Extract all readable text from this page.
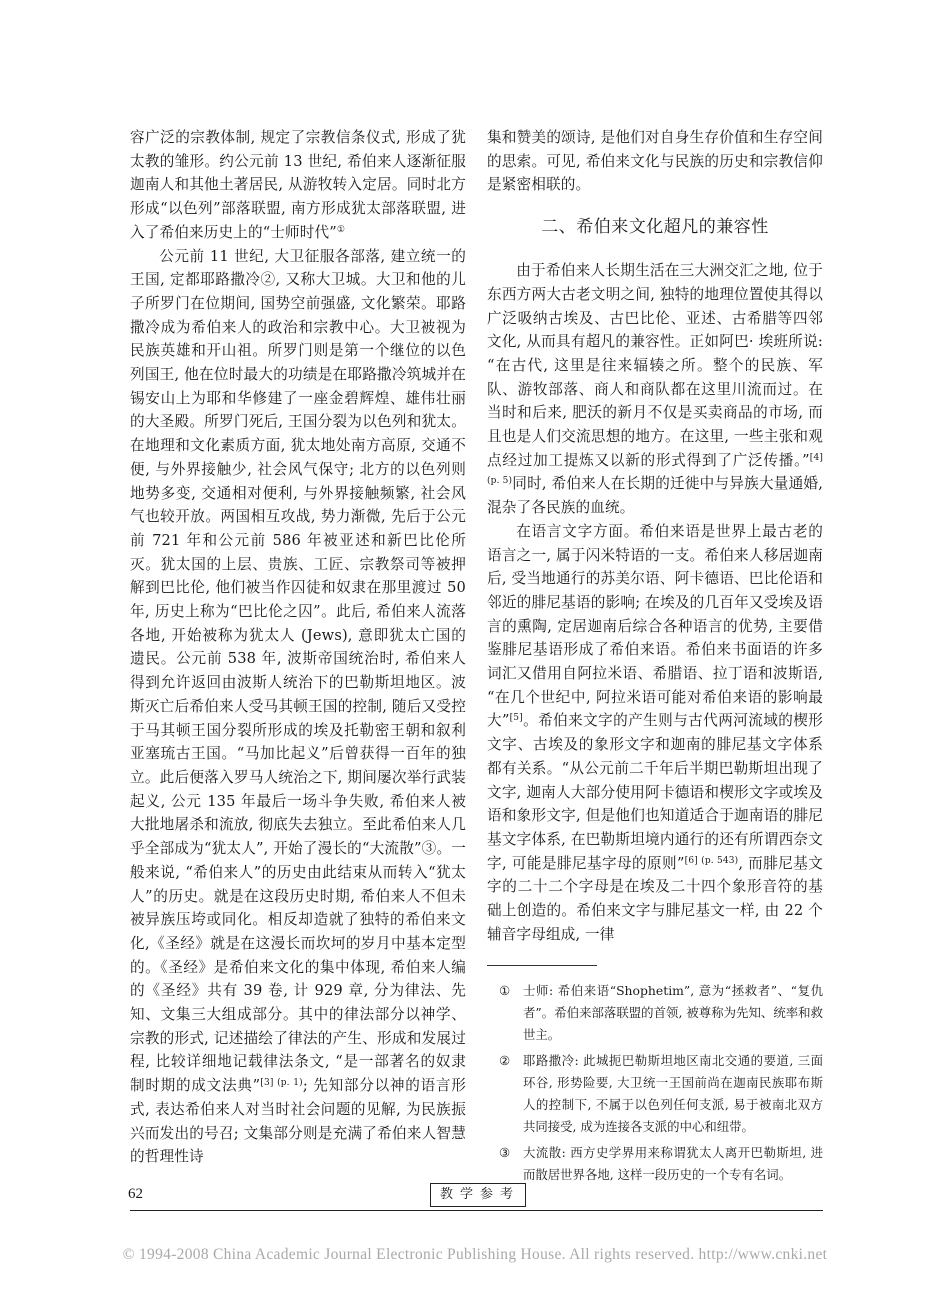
容广泛的宗教体制, 规定了宗教信条仪式, 形成了犹太教的雏形。约公元前 13 世纪, 希伯来人逐渐征服迦南人和其他土著居民, 从游牧转入定居。同时北方形成“以色列”部落联盟, 南方形成犹太部落联盟, 进入了希伯来历史上的“士师时代”①

公元前 11 世纪, 大卫征服各部落, 建立统一的王国, 定都耶路撒冷②, 又称大卫城。大卫和他的儿子所罗门在位期间, 国势空前强盛, 文化繁荣。耶路撒冷成为希伯来人的政治和宗教中心。大卫被视为民族英雄和开山祖。所罗门则是第一个继位的以色列国王, 他在位时最大的功绩是在耶路撒冷筑城并在锡安山上为耶和华修建了一座金碧辉煌、雄伟壮丽的大圣殿。所罗门死后, 王国分裂为以色列和犹太。在地理和文化素质方面, 犹太地处南方高原, 交通不便, 与外界接触少, 社会风气保守; 北方的以色列则地势多变, 交通相对便利, 与外界接触频繁, 社会风气也较开放。两国相互攻战, 势力渐微, 先后于公元前 721 年和公元前 586 年被亚述和新巴比伦所灭。犹太国的上层、贵族、工匠、宗教祭司等被押解到巴比伦, 他们被当作囚徒和奴隶在那里渡过 50 年, 历史上称为“巴比伦之囚”。此后, 希伯来人流落各地, 开始被称为犹太人 (Jews), 意即犹太亡国的遗民。公元前 538 年, 波斯帝国统治时, 希伯来人得到允许返回由波斯人统治下的巴勒斯坦地区。波斯灭亡后希伯来人受马其顿王国的控制, 随后又受控于马其顿王国分裂所形成的埃及托勒密王朝和叙利亚塞琉古王国。“马加比起义”后曾获得一百年的独立。此后便落入罗马人统治之下, 期间屡次举行武装起义, 公元 135 年最后一场斗争失败, 希伯来人被大批地屠杀和流放, 彻底失去独立。至此希伯来人几乎全部成为“犹太人”, 开始了漫长的“大流散”③。一般来说, “希伯来人”的历史由此结束从而转入“犹太人”的历史。就是在这段历史时期, 希伯来人不但未被异族压垮或同化。相反却造就了独特的希伯来文化,《圣经》就是在这漫长而坎坷的岁月中基本定型的。《圣经》是希伯来文化的集中体现, 希伯来人编的《圣经》共有 39 卷, 计 929 章, 分为律法、先知、文集三大组成部分。其中的律法部分以神学、宗教的形式, 记述描绘了律法的产生、形成和发展过程, 比较详细地记载律法条文, “是一部著名的奴隶制时期的成文法典”$^{[3] (p. 1)}$; 先知部分以神的语言形式, 表达希伯来人对当时社会问题的见解, 为民族振兴而发出的号召; 文集部分则是充满了希伯来人智慧的哲理性诗

集和赞美的颂诗, 是他们对自身生存价值和生存空间的思索。可见, 希伯来文化与民族的历史和宗教信仰是紧密相联的。

二、希伯来文化超凡的兼容性

由于希伯来人长期生活在三大洲交汇之地, 位于东西方两大古老文明之间, 独特的地理位置使其得以广泛吸纳古埃及、古巴比伦、亚述、古希腊等四邻文化, 从而具有超凡的兼容性。正如阿巴· 埃班所说: “在古代, 这里是往来辐辏之所。整个的民族、军队、游牧部落、商人和商队都在这里川流而过。在当时和后来, 肥沃的新月不仅是买卖商品的市场, 而且也是人们交流思想的地方。在这里, 一些主张和观点经过加工提炼又以新的形式得到了广泛传播。”$^{[4] (p. 5)}$同时, 希伯来人在长期的迁徙中与异族大量通婚, 混杂了各民族的血统。

在语言文字方面。希伯来语是世界上最古老的语言之一, 属于闪米特语的一支。希伯来人移居迦南后, 受当地通行的苏美尔语、阿卡德语、巴比伦语和邻近的腓尼基语的影响; 在埃及的几百年又受埃及语言的熏陶, 定居迦南后综合各种语言的优势, 主要借鉴腓尼基语形成了希伯来语。希伯来书面语的许多词汇又借用自阿拉米语、希腊语、拉丁语和波斯语, “在几个世纪中, 阿拉米语可能对希伯来语的影响最大”[5]。希伯来文字的产生则与古代两河流域的楔形文字、古埃及的象形文字和迦南的腓尼基文字体系都有关系。“从公元前二千年后半期巴勒斯坦出现了文字, 迦南人大部分使用阿卡德语和楔形文字或埃及语和象形文字, 但是他们也知道适合于迦南语的腓尼基文字体系, 在巴勒斯坦境内通行的还有所谓西奈文字, 可能是腓尼基字母的原则”$^{[6] (p. 543)}$, 而腓尼基文字的二十二个字母是在埃及二十四个象形音符的基础上创造的。希伯来文字与腓尼基文一样, 由 22 个辅音字母组成, 一律

① 士师: 希伯来语“Shophetim”, 意为“拯救者”、“复仇者”。希伯来部落联盟的首领, 被尊称为先知、统率和救世主。
② 耶路撒冷: 此城扼巴勒斯坦地区南北交通的要道, 三面环谷, 形势险要, 大卫统一王国前尚在迦南民族耶布斯人的控制下, 不属于以色列任何支派, 易于被南北双方共同接受, 成为连接各支派的中心和纽带。
③ 大流散: 西方史学界用来称谓犹太人离开巴勒斯坦, 进而散居世界各地, 这样一段历史的一个专有名词。
62	教学参考
© 1994-2008 China Academic Journal Electronic Publishing House. All rights reserved. http://www.cnki.net
